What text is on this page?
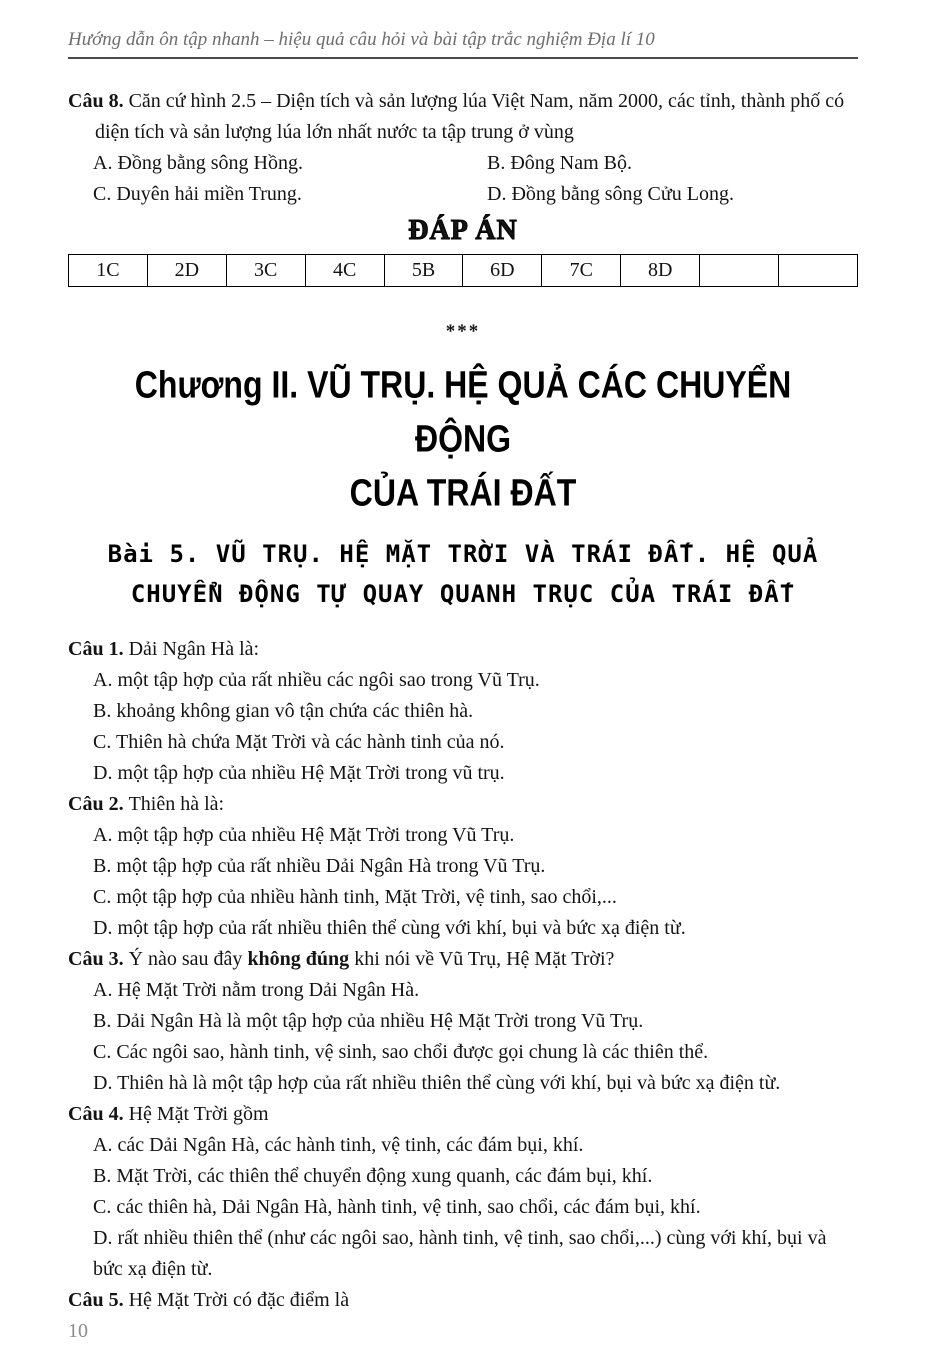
Hướng dẫn ôn tập nhanh – hiệu quả câu hỏi và bài tập trắc nghiệm Địa lí 10
Câu 8. Căn cứ hình 2.5 – Diện tích và sản lượng lúa Việt Nam, năm 2000, các tỉnh, thành phố có diện tích và sản lượng lúa lớn nhất nước ta tập trung ở vùng
A. Đồng bằng sông Hồng.	B. Đông Nam Bộ.
C. Duyên hải miền Trung.	D. Đồng bằng sông Cửu Long.
ĐÁP ÁN
1C	2D	3C	4C	5B	6D	7C	8D		
***
Chương II. VŨ TRỤ. HỆ QUẢ CÁC CHUYỂN ĐỘNG
CỦA TRÁI ĐẤT
Bài 5. VŨ TRỤ. HỆ MẶT TRỜI VÀ TRÁI ĐẤT. HỆ QUẢ
CHUYỂN ĐỘNG TỰ QUAY QUANH TRỤC CỦA TRÁI ĐẤT
Câu 1. Dải Ngân Hà là:
A. một tập hợp của rất nhiều các ngôi sao trong Vũ Trụ.
B. khoảng không gian vô tận chứa các thiên hà.
C. Thiên hà chứa Mặt Trời và các hành tinh của nó.
D. một tập hợp của nhiều Hệ Mặt Trời trong vũ trụ.
Câu 2. Thiên hà là:
A. một tập hợp của nhiều Hệ Mặt Trời trong Vũ Trụ.
B. một tập hợp của rất nhiều Dải Ngân Hà trong Vũ Trụ.
C. một tập hợp của nhiều hành tinh, Mặt Trời, vệ tinh, sao chổi,...
D. một tập hợp của rất nhiều thiên thể cùng với khí, bụi và bức xạ điện từ.
Câu 3. Ý nào sau đây không đúng khi nói về Vũ Trụ, Hệ Mặt Trời?
A. Hệ Mặt Trời nằm trong Dải Ngân Hà.
B. Dải Ngân Hà là một tập hợp của nhiều Hệ Mặt Trời trong Vũ Trụ.
C. Các ngôi sao, hành tinh, vệ sinh, sao chổi được gọi chung là các thiên thể.
D. Thiên hà là một tập hợp của rất nhiều thiên thể cùng với khí, bụi và bức xạ điện từ.
Câu 4. Hệ Mặt Trời gồm
A. các Dải Ngân Hà, các hành tinh, vệ tinh, các đám bụi, khí.
B. Mặt Trời, các thiên thể chuyển động xung quanh, các đám bụi, khí.
C. các thiên hà, Dải Ngân Hà, hành tinh, vệ tinh, sao chổi, các đám bụi, khí.
D. rất nhiều thiên thể (như các ngôi sao, hành tinh, vệ tinh, sao chổi,...) cùng với khí, bụi và bức xạ điện từ.
Câu 5. Hệ Mặt Trời có đặc điểm là
10
